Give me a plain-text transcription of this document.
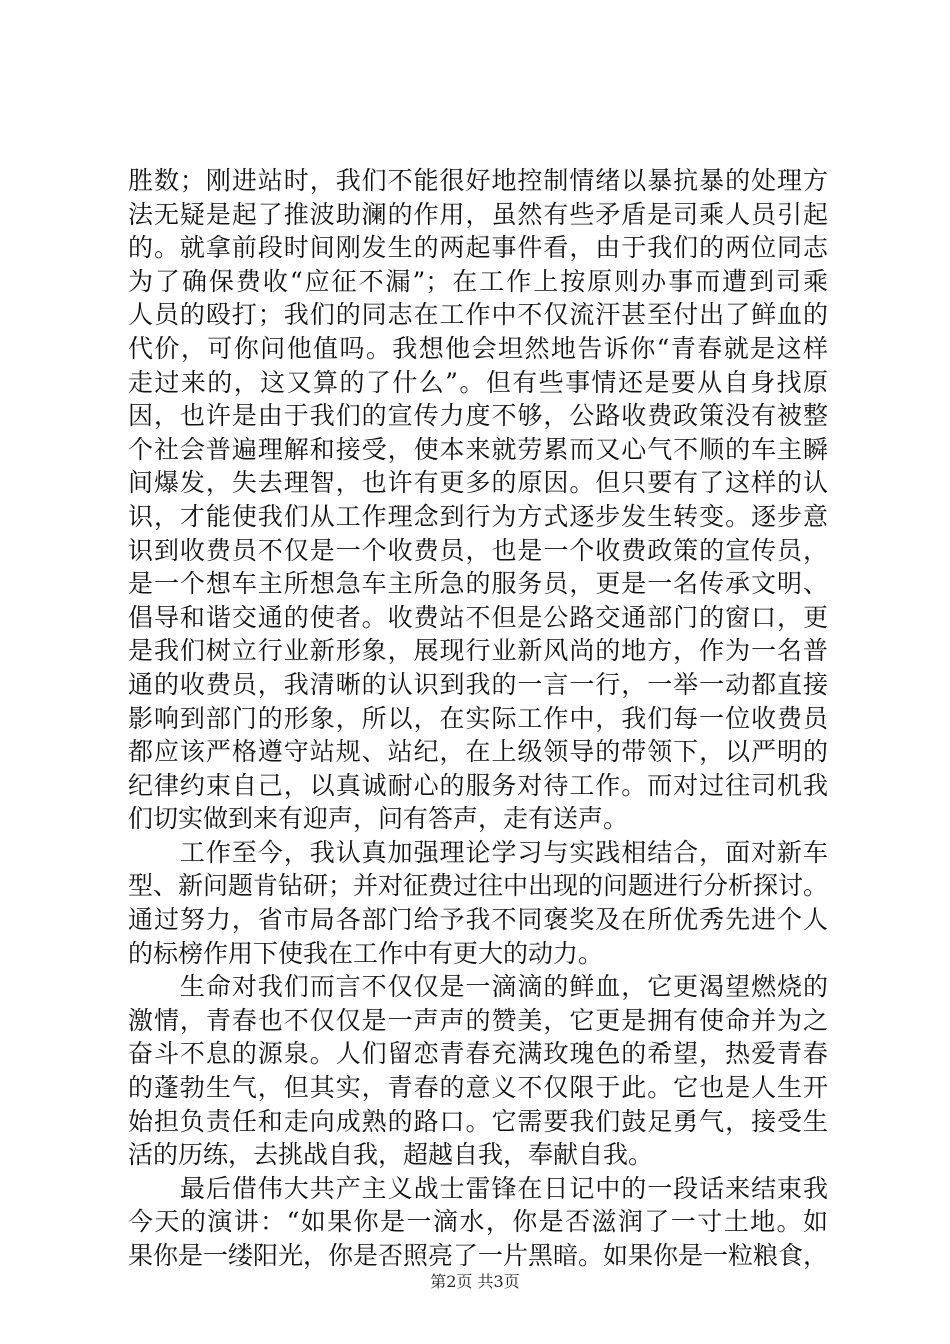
胜数；刚进站时，我们不能很好地控制情绪以暴抗暴的处理方
法无疑是起了推波助澜的作用，虽然有些矛盾是司乘人员引起
的。就拿前段时间刚发生的两起事件看，由于我们的两位同志
为了确保费收“应征不漏”；在工作上按原则办事而遭到司乘
人员的殴打；我们的同志在工作中不仅流汗甚至付出了鲜血的
代价，可你问他值吗。我想他会坦然地告诉你“青春就是这样
走过来的，这又算的了什么”。但有些事情还是要从自身找原
因，也许是由于我们的宣传力度不够，公路收费政策没有被整
个社会普遍理解和接受，使本来就劳累而又心气不顺的车主瞬
间爆发，失去理智，也许有更多的原因。但只要有了这样的认
识，才能使我们从工作理念到行为方式逐步发生转变。逐步意
识到收费员不仅是一个收费员，也是一个收费政策的宣传员，
是一个想车主所想急车主所急的服务员，更是一名传承文明、
倡导和谐交通的使者。收费站不但是公路交通部门的窗口，更
是我们树立行业新形象，展现行业新风尚的地方，作为一名普
通的收费员，我清晰的认识到我的一言一行，一举一动都直接
影响到部门的形象，所以，在实际工作中，我们每一位收费员
都应该严格遵守站规、站纪，在上级领导的带领下，以严明的
纪律约束自己，以真诚耐心的服务对待工作。而对过往司机我
们切实做到来有迎声，问有答声，走有送声。
　　工作至今，我认真加强理论学习与实践相结合，面对新车
型、新问题肯钻研；并对征费过往中出现的问题进行分析探讨。
通过努力，省市局各部门给予我不同褒奖及在所优秀先进个人
的标榜作用下使我在工作中有更大的动力。
　　生命对我们而言不仅仅是一滴滴的鲜血，它更渴望燃烧的
激情，青春也不仅仅是一声声的赞美，它更是拥有使命并为之
奋斗不息的源泉。人们留恋青春充满玫瑰色的希望，热爱青春
的蓬勃生气，但其实，青春的意义不仅限于此。它也是人生开
始担负责任和走向成熟的路口。它需要我们鼓足勇气，接受生
活的历练，去挑战自我，超越自我，奉献自我。
　　最后借伟大共产主义战士雷锋在日记中的一段话来结束我
今天的演讲：“如果你是一滴水，你是否滋润了一寸土地。如
果你是一缕阳光，你是否照亮了一片黑暗。如果你是一粒粮食，
第2页 共3页
